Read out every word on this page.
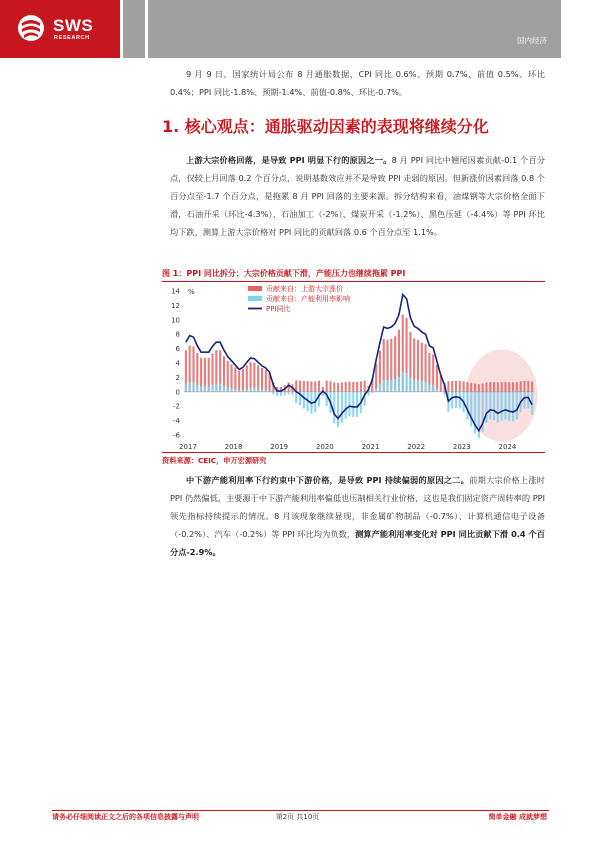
SWS
RESEARCH	国内经济

9 月 9 日，国家统计局公布 8 月通胀数据，CPI 同比 0.6%、预期 0.7%、前值 0.5%、环比 0.4%；PPI 同比-1.8%、预期-1.4%、前值-0.8%、环比-0.7%。

1. 核心观点：通胀驱动因素的表现将继续分化

上游大宗价格回落，是导致 PPI 明显下行的原因之一。8 月 PPI 同比中翘尾因素贡献-0.1 个百分点，仅较上月回落 0.2 个百分点，说明基数效应并不是导致 PPI 走弱的原因。但新涨价因素回落 0.8 个百分点至-1.7 个百分点，是拖累 8 月 PPI 回落的主要来源。拆分结构来看，油煤钢等大宗价格全面下滑，石油开采（环比-4.3%）、石油加工（-2%）、煤炭开采（-1.2%）、黑色压延（-4.4%）等 PPI 环比均下跌，测算上游大宗价格对 PPI 同比的贡献回落 0.6 个百分点至 1.1%。

图 1：PPI 同比拆分：大宗价格贡献下滑，产能压力也继续拖累 PPI
14
12
10
8
6
4
2
0
-2
-4
-6
%
2017	2018	2019	2020	2021	2022	2023	2024
贡献来自：上游大宗涨价
贡献来自：产能利用率影响
PPI同比
资料来源：CEIC，申万宏源研究

中下游产能利用率下行约束中下游价格，是导致 PPI 持续偏弱的原因之二。前期大宗价格上涨时 PPI 仍然偏低，主要源于中下游产能利用率偏低也压制相关行业价格，这也是我们固定资产周转率的 PPI 领先指标持续提示的情况。8 月该现象继续显现，非金属矿物制品（-0.7%）、计算机通信电子设备（-0.2%）、汽车（-0.2%）等 PPI 环比均为负数，测算产能利用率变化对 PPI 同比贡献下滑 0.4 个百分点-2.9%。

请务必仔细阅读正文之后的各项信息披露与声明	第2页 共10页	简单金融 成就梦想
